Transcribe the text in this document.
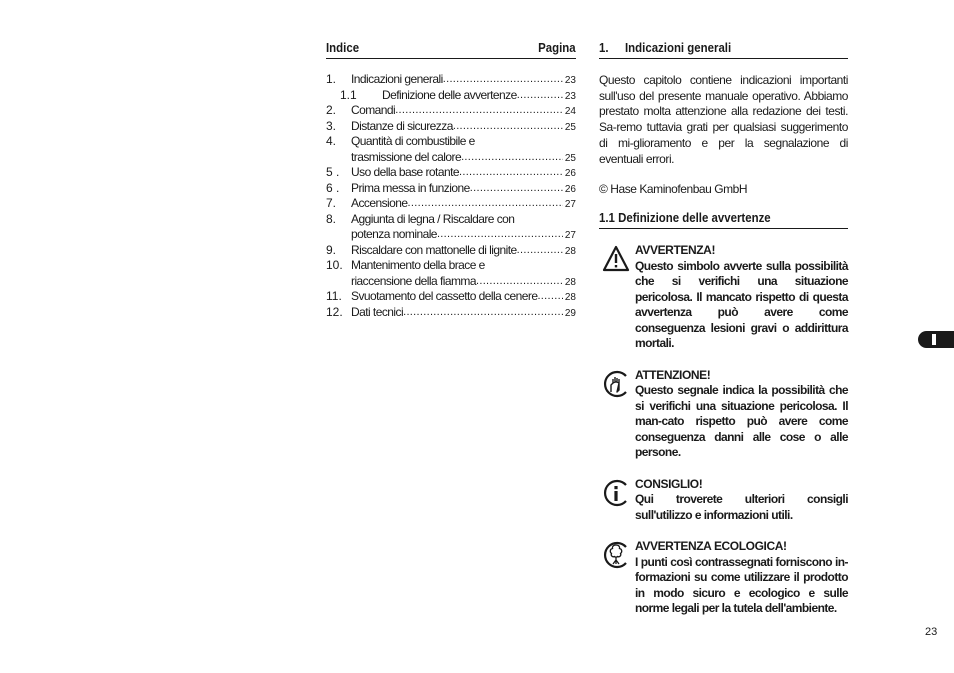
Indice	Pagina
1.	Indicazioni generali .....	23
1.1	Definizione delle avvertenze .....	23
2.	Comandi .....	24
3.	Distanze di sicurezza .....	25
4.	Quantità di combustibile e
trasmissione del calore .....	25
5 . Uso della base rotante .....	26
6 . Prima messa in funzione .....	26
7.	Accensione .....	27
8.	Aggiunta di legna / Riscaldare con
potenza nominale .....	27
9.	Riscaldare con mattonelle di lignite .....	28
10. Mantenimento della brace e
riaccensione della fiamma .....	28
11. Svuotamento del cassetto della cenere .....	28
12. Dati tecnici .....	29
1. Indicazioni generali
Questo capitolo contiene indicazioni importanti sull'uso del presente manuale operativo. Abbiamo prestato molta attenzione alla redazione dei testi. Sa-remo tuttavia grati per qualsiasi suggerimento di mi-glioramento e per la segnalazione di eventuali errori.
© Hase Kaminofenbau GmbH
1.1 Definizione delle avvertenze
AVVERTENZA!
Questo simbolo avverte sulla possibilità che si verifichi una situazione pericolosa. Il mancato rispetto di questa avvertenza può avere come conseguenza lesioni gravi o addirittura mortali.
ATTENZIONE!
Questo segnale indica la possibilità che si verifichi una situazione pericolosa. Il man-cato rispetto può avere come conseguenza danni alle cose o alle persone.
CONSIGLIO!
Qui troverete ulteriori consigli sull'utilizzo e informazioni utili.
AVVERTENZA ECOLOGICA!
I punti così contrassegnati forniscono in-formazioni su come utilizzare il prodotto in modo sicuro e ecologico e sulle norme legali per la tutela dell'ambiente.
23
